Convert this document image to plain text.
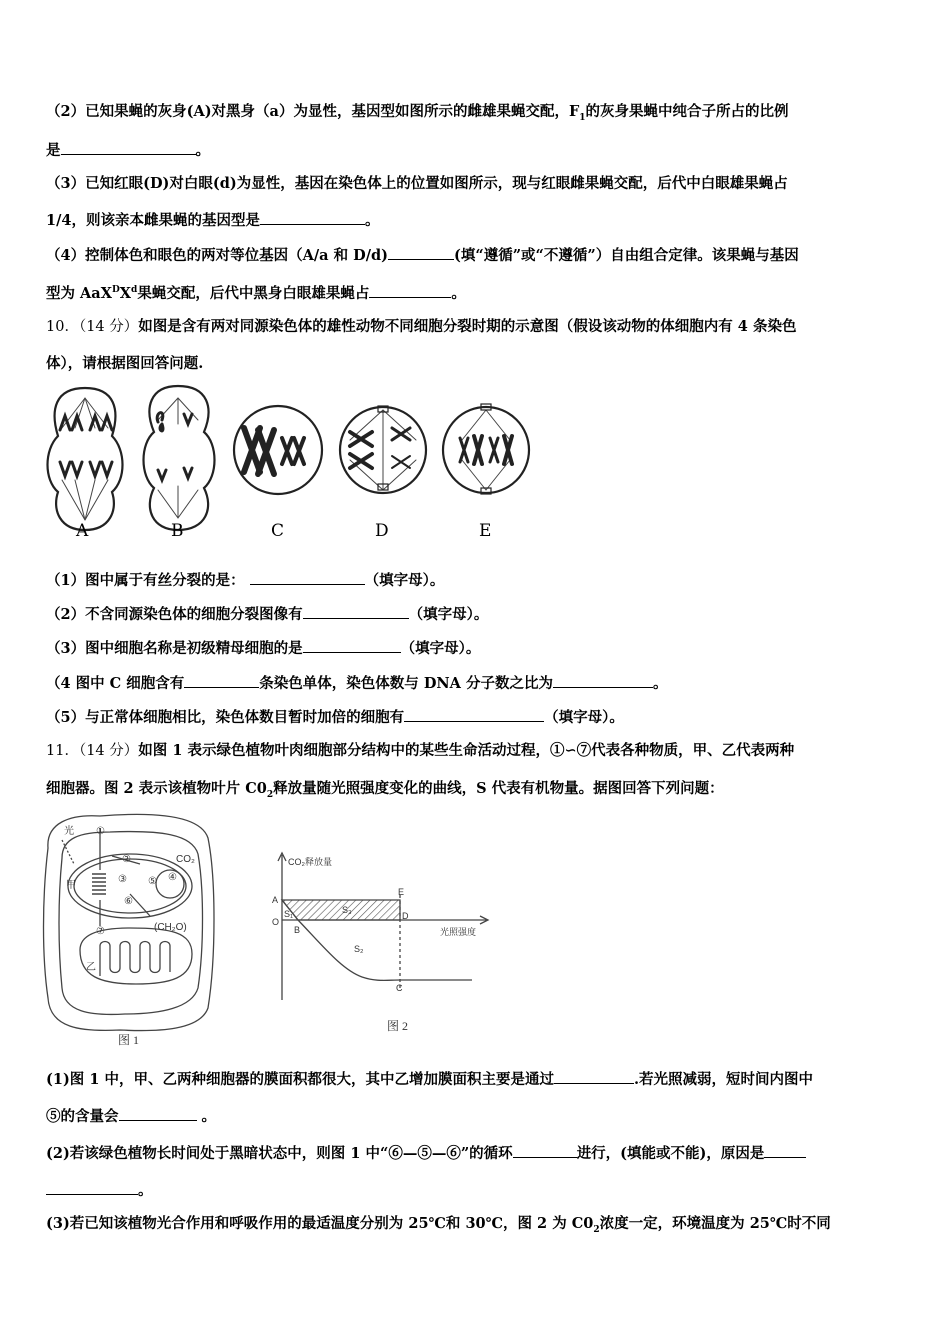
（2）已知果蝇的灰身(A)对黑身（a）为显性，基因型如图所示的雌雄果蝇交配，$F_1$的灰身果蝇中纯合子所占的比例
是	。
（3）已知红眼(D)对白眼(d)为显性，基因在染色体上的位置如图所示，现与红眼雌果蝇交配，后代中白眼雄果蝇占
1/4，则该亲本雌果蝇的基因型是	。
（4）控制体色和眼色的两对等位基因（A/a 和 D/d)	(填“遵循”或“不遵循”）自由组合定律。该果蝇与基因
型为 $AaX^DX^d$果蝇交配，后代中黑身白眼雄果蝇占	。
10．（14 分）如图是含有两对同源染色体的雄性动物不同细胞分裂时期的示意图（假设该动物的体细胞内有 4 条染色
体），请根据图回答问题.
A	B	C	D	E
（1）图中属于有丝分裂的是：	（填字母）。
（2）不含同源染色体的细胞分裂图像有	（填字母）。
（3）图中细胞名称是初级精母细胞的是	（填字母）。
（4 图中 C 细胞含有	条染色单体，染色体数与 DNA 分子数之比为	。
（5）与正常体细胞相比，染色体数目暂时加倍的细胞有	（填字母）。
11．（14 分）如图 1 表示绿色植物叶肉细胞部分结构中的某些生命活动过程，①∽⑦代表各种物质，甲、乙代表两种
细胞器。图 2 表示该植物叶片 $C0_2$释放量随光照强度变化的曲线，S 代表有机物量。据图回答下列问题：
光
甲
乙
CO₂
(CH₂O)
①
②
③	④
⑤
⑥
⑦
图 1
CO₂释放量
光照强度
A
O
B
C
D
E
S₁
S₂
S₃
图 2
(1)图 1 中，甲、乙两种细胞器的膜面积都很大，其中乙增加膜面积主要是通过	.若光照减弱，短时间内图中
⑤的含量会	。
(2)若该绿色植物长时间处于黑暗状态中，则图 1 中“⑥—⑤—⑥”的循环	进行，(填能或不能)，原因是
。
(3)若已知该植物光合作用和呼吸作用的最适温度分别为 25℃和 30℃，图 2 为 $C0_2$浓度一定，环境温度为 25℃时不同
